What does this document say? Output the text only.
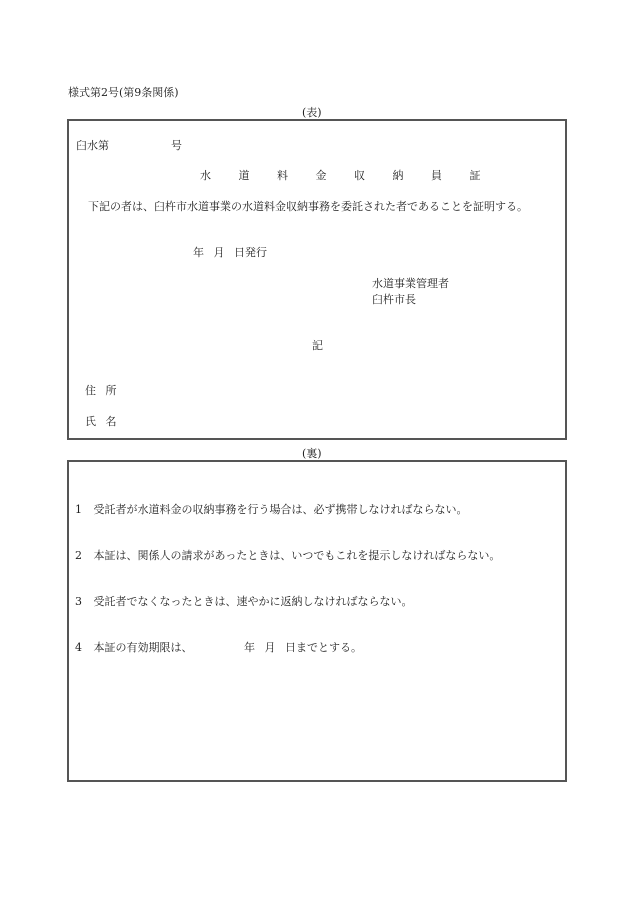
様式第2号(第9条関係)
(表)
臼水第	号
水 道 料 金 収 納 員 証
下記の者は、臼杵市水道事業の水道料金収納事務を委託された者であることを証明する。
年 月 日発行
水道事業管理者
臼杵市長
記
住 所
氏 名
(裏)
1 受託者が水道料金の収納事務を行う場合は、必ず携帯しなければならない。
2 本証は、関係人の請求があったときは、いつでもこれを提示しなければならない。
3 受託者でなくなったときは、速やかに返納しなければならない。
4 本証の有効期限は、	年 月 日までとする。
